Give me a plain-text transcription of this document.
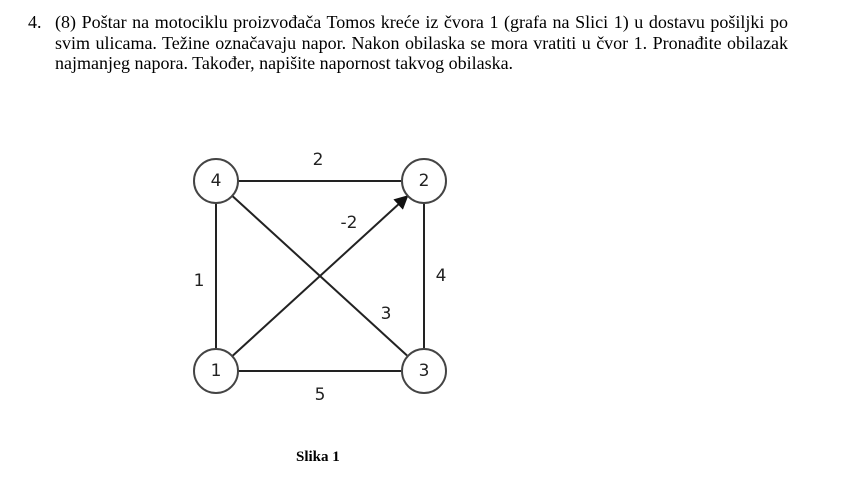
4. (8) Poštar na motociklu proizvođača Tomos kreće iz čvora 1 (grafa na Slici 1) u dostavu pošiljki po svim ulicama. Težine označavaju napor. Nakon obilaska se mora vratiti u čvor 1. Pronađite obilazak najmanjeg napora. Također, napišite napornost takvog obilaska.
2
1	4
5
3
-2
4	2
1	3
Slika 1
